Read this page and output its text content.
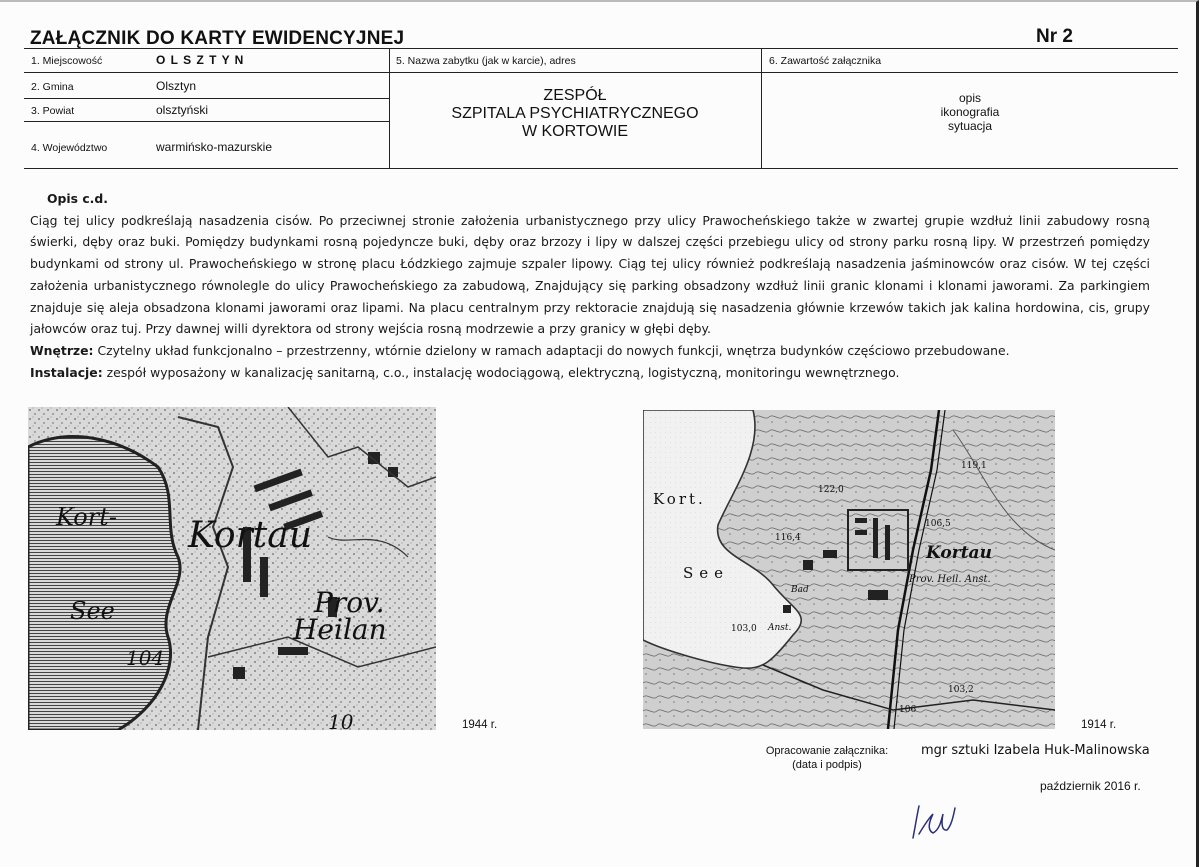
ZAŁĄCZNIK DO KARTY EWIDENCYJNEJ	Nr 2
1. Miejscowość	O L S Z T Y N
2. Gmina	Olsztyn
3. Powiat	olsztyński
4. Województwo	warmińsko-mazurskie
5. Nazwa zabytku (jak w karcie), adres
ZESPÓŁ
SZPITALA PSYCHIATRYCZNEGO
W KORTOWIE
6. Zawartość załącznika
opis
ikonografia
sytuacja
Opis c.d.

Ciąg tej ulicy podkreślają nasadzenia cisów. Po przeciwnej stronie założenia urbanistycznego przy ulicy Prawocheńskiego także w zwartej grupie wzdłuż linii zabudowy rosną świerki, dęby oraz buki. Pomiędzy budynkami rosną pojedyncze buki, dęby oraz brzozy i lipy w dalszej części przebiegu ulicy od strony parku rosną lipy. W przestrzeń pomiędzy budynkami od strony ul. Prawocheńskiego w stronę placu Łódzkiego zajmuje szpaler lipowy. Ciąg tej ulicy również podkreślają nasadzenia jaśminowców oraz cisów. W tej części założenia urbanistycznego równolegle do ulicy Prawocheńskiego za zabudową, Znajdujący się parking obsadzony wzdłuż linii granic klonami i klonami jaworami. Za parkingiem znajduje się aleja obsadzona klonami jaworami oraz lipami. Na placu centralnym przy rektoracie znajdują się nasadzenia głównie krzewów takich jak kalina hordowina, cis, grupy jałowców oraz tuj. Przy dawnej willi dyrektora od strony wejścia rosną modrzewie a przy granicy w głębi dęby.

Wnętrze: Czytelny układ funkcjonalno – przestrzenny, wtórnie dzielony w ramach adaptacji do nowych funkcji, wnętrza budynków częściowo przebudowane.

Instalacje: zespół wyposażony w kanalizację sanitarną, c.o., instalację wodociągową, elektryczną, logistyczną, monitoringu wewnętrznego.

Kort- Kortau
See	Prov.
Heilan
104
10	1944 r.
Kort.
See
Kortau
Prov. Heil. Anst.
Bad
Anst.
122,0
119,1
116,4
106,5
103,0
103,2
106
1914 r.
Opracowanie załącznika:
(data i podpis)
mgr sztuki Izabela Huk-Malinowska
październik 2016 r.
